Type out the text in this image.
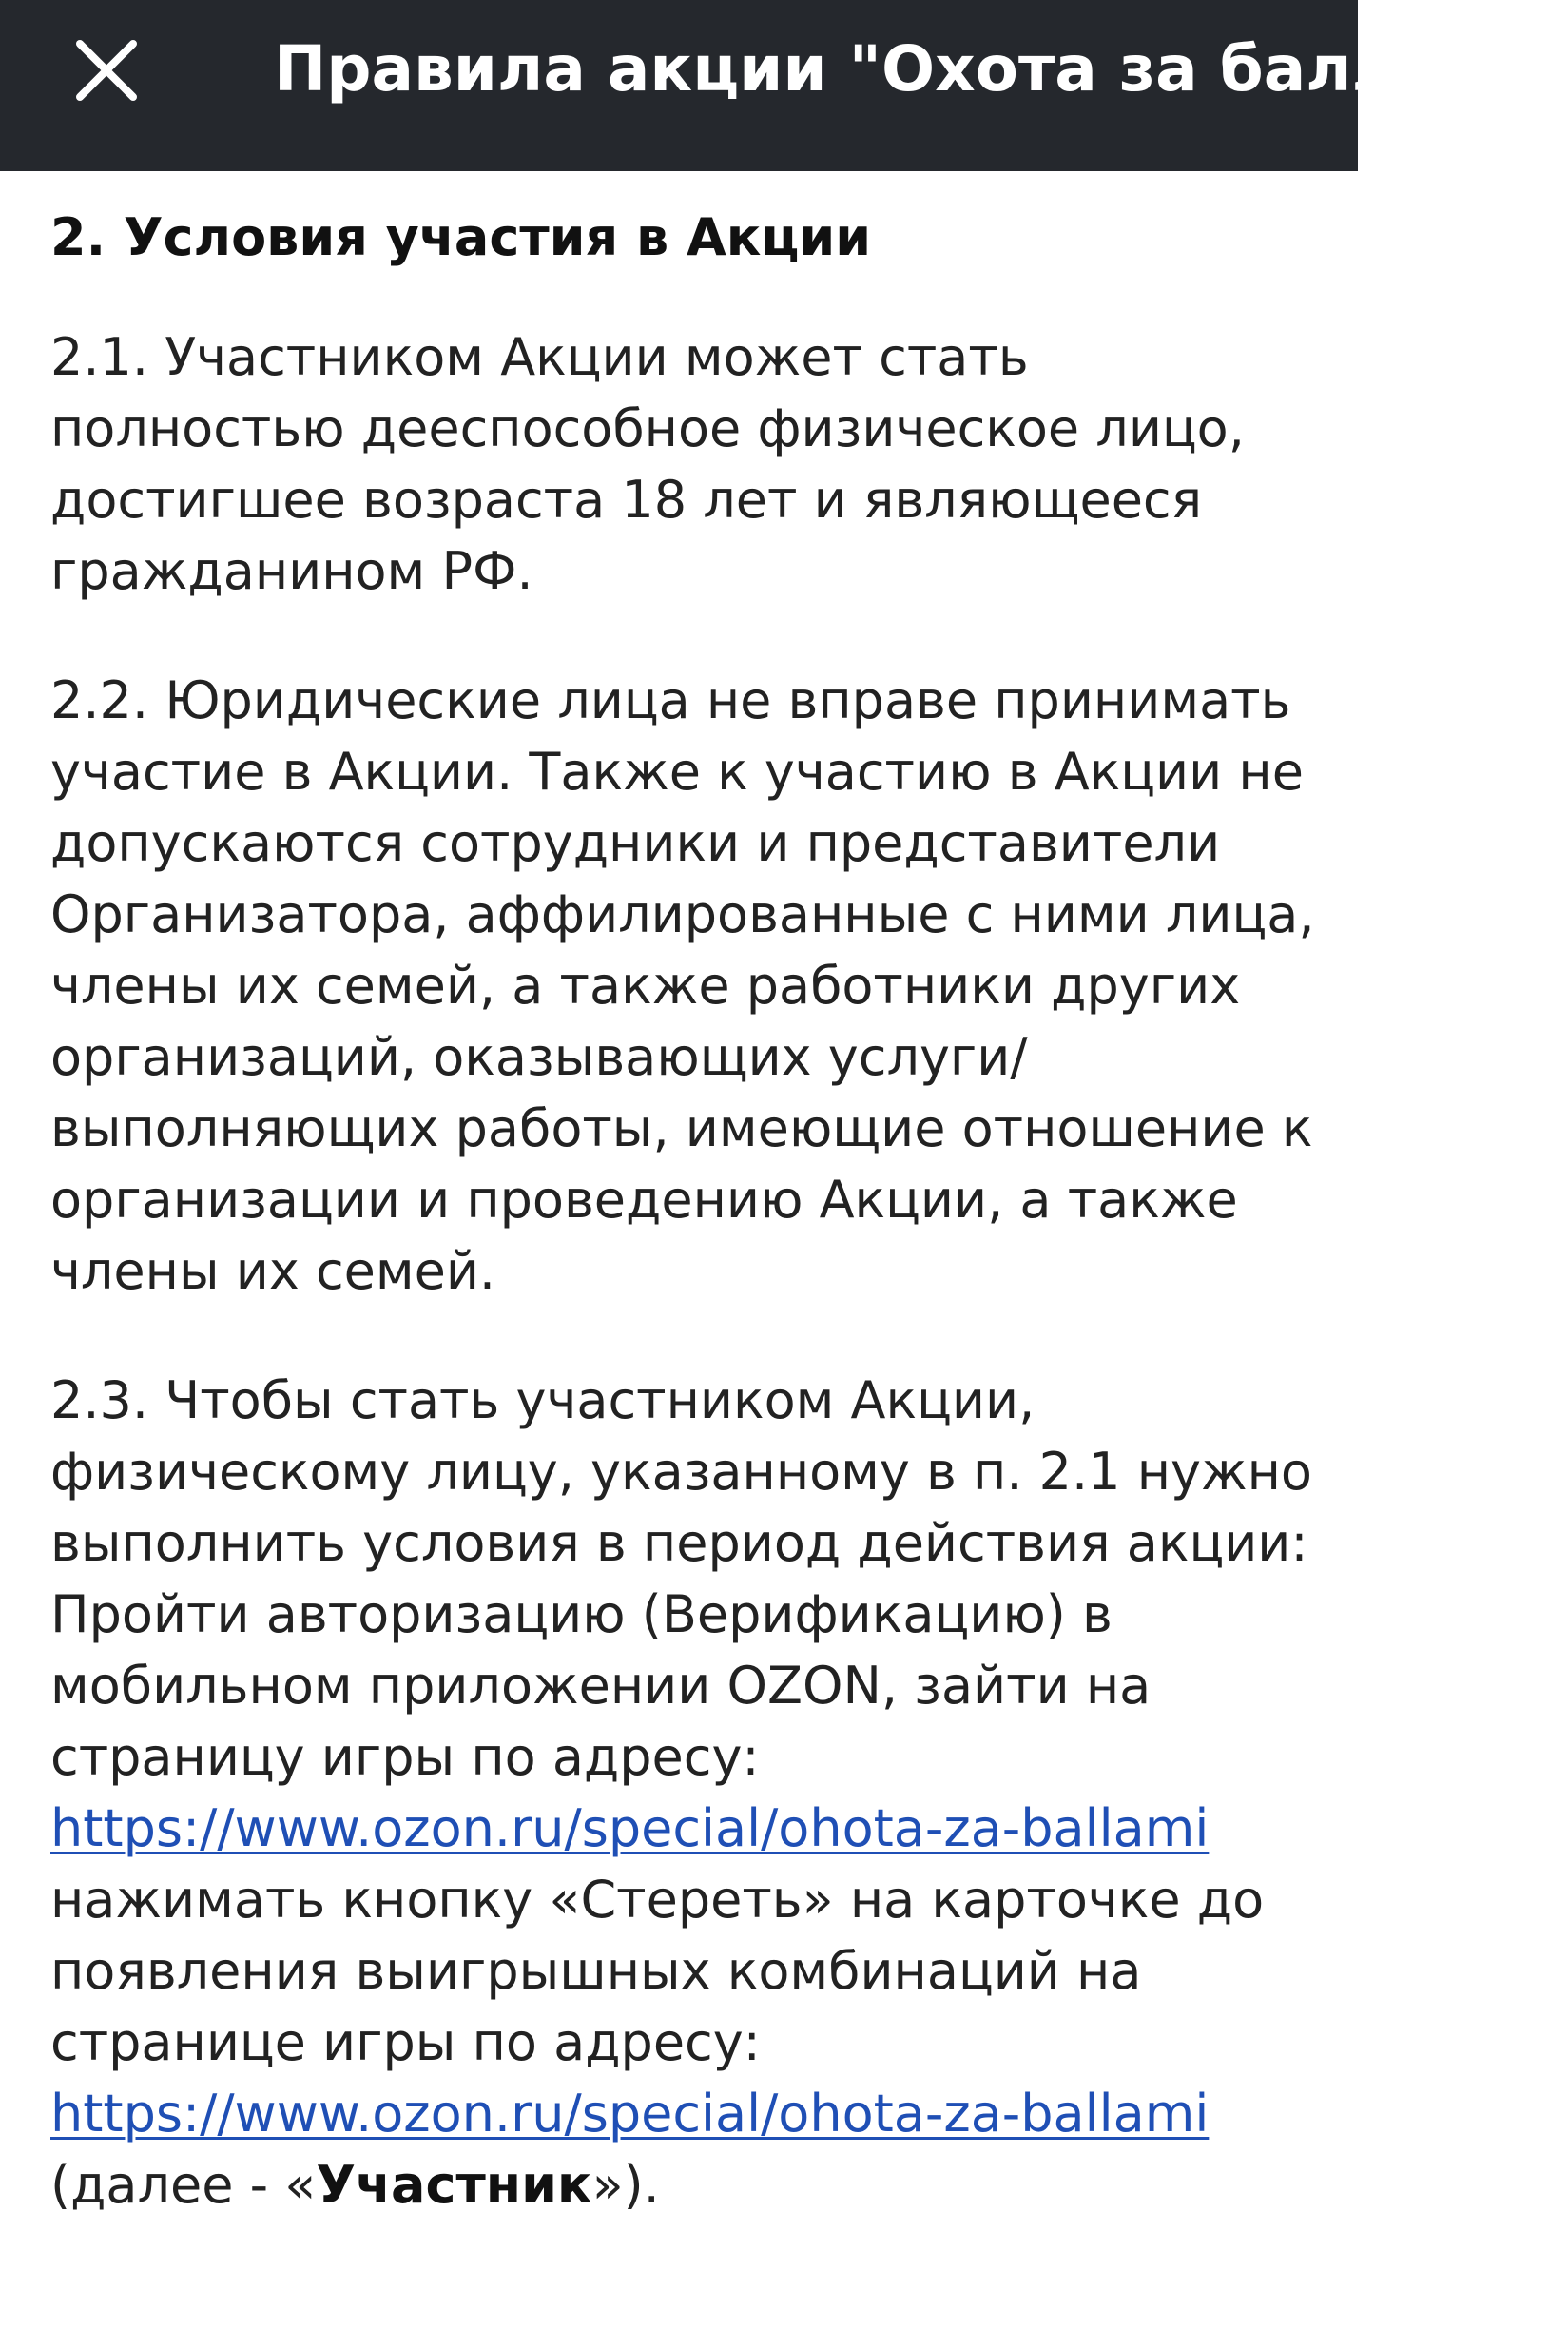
Правила акции "Охота за баллами"
2. Условия участия в Акции

2.1. Участником Акции может стать полностью дееспособное физическое лицо, достигшее возраста 18 лет и являющееся гражданином РФ.

2.2. Юридические лица не вправе принимать участие в Акции. Также к участию в Акции не допускаются сотрудники и представители Организатора, аффилированные с ними лица, члены их семей, а также работники других организаций, оказывающих услуги/ выполняющих работы, имеющие отношение к организации и проведению Акции, а также члены их семей.

2.3. Чтобы стать участником Акции, физическому лицу, указанному в п. 2.1 нужно выполнить условия в период действия акции: Пройти авторизацию (Верификацию) в мобильном приложении OZON, зайти на страницу игры по адресу: https://www.ozon.ru/special/ohota-za-ballami нажимать кнопку «Стереть» на карточке до появления выигрышных комбинаций на странице игры по адресу: https://www.ozon.ru/special/ohota-za-ballami (далее - «Участник»).
